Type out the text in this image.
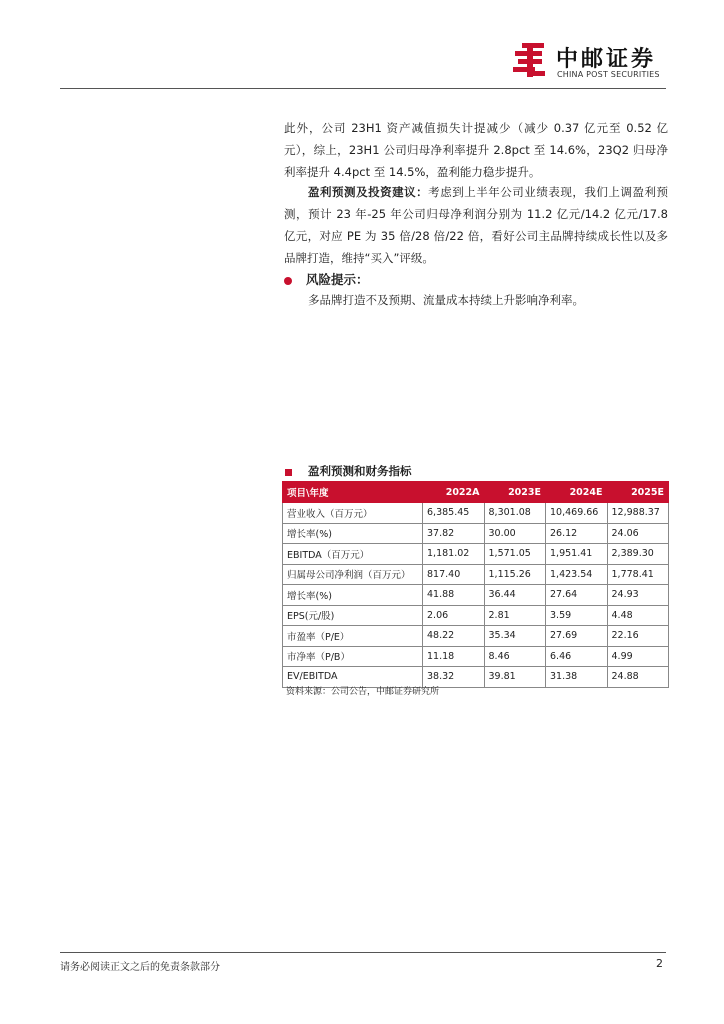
中邮证券
CHINA POST SECURITIES
此外，公司 23H1 资产减值损失计提减少（减少 0.37 亿元至 0.52 亿元），综上，23H1 公司归母净利率提升 2.8pct 至 14.6%，23Q2 归母净利率提升 4.4pct 至 14.5%，盈利能力稳步提升。
盈利预测及投资建议：考虑到上半年公司业绩表现，我们上调盈利预测，预计 23 年-25 年公司归母净利润分别为 11.2 亿元/14.2 亿元/17.8 亿元，对应 PE 为 35 倍/28 倍/22 倍，看好公司主品牌持续成长性以及多品牌打造，维持“买入”评级。
风险提示：
多品牌打造不及预期、流量成本持续上升影响净利率。
盈利预测和财务指标
项目\年度	2022A	2023E	2024E	2025E
营业收入（百万元）	6,385.45	8,301.08	10,469.66	12,988.37
增长率(%)	37.82	30.00	26.12	24.06
EBITDA（百万元）	1,181.02	1,571.05	1,951.41	2,389.30
归属母公司净利润（百万元）	817.40	1,115.26	1,423.54	1,778.41
增长率(%)	41.88	36.44	27.64	24.93
EPS(元/股)	2.06	2.81	3.59	4.48
市盈率（P/E）	48.22	35.34	27.69	22.16
市净率（P/B）	11.18	8.46	6.46	4.99
EV/EBITDA	38.32	39.81	31.38	24.88
资料来源：公司公告，中邮证券研究所
请务必阅读正文之后的免责条款部分	2
